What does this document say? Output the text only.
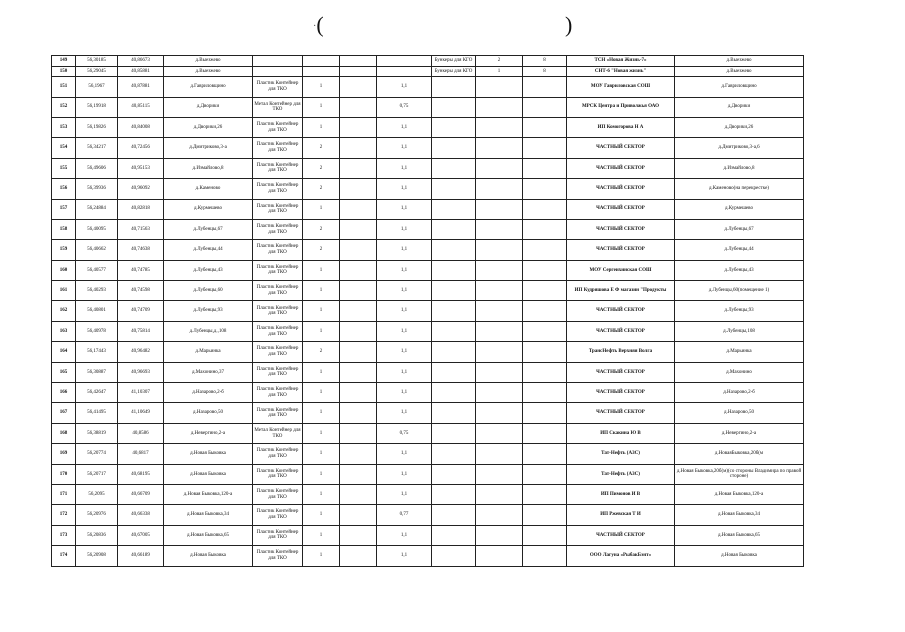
·(	)
149	56,30185	40,86673	д.Выезжево					Бункеры для КГО	2	8	ТСН «Новая Жизнь-7»	д.Выезжево
150	56,29045	40,85881	д.Выезжево					Бункеры для КГО	1	8	СНТ-6 "Новая жизнь"	д.Выезжево
151	56,1967	40,87881	д.Гавриловщино	Пластик Контейнер для ТКО	1		1,1				МОУ Гавриловская СОШ	д.Гавриловщино
152	56,19918	40,85115	д.Дворики	Метал Контейнер для ТКО	1		0,75				МРСК Центра и Приволжья ОАО	д.Дворики
153	56,19826	40,84008	д.Дворики,26	Пластик Контейнер для ТКО	1		1,1				ИП Комогорова Н А	д.Дворики,26
154	56,34217	40,72456	д.Дмитриково,3-а	Пластик Контейнер для ТКО	2		1,1				ЧАСТНЫЙ СЕКТОР	д.Дмитриково,3-а,6
155	56,49606	40,95153	д.Измайлово,8	Пластик Контейнер для ТКО	2		1,1				ЧАСТНЫЙ СЕКТОР	д.Измайлово,8
156	56,39936	40,96092	д.Каменово	Пластик Контейнер для ТКО	2		1,1				ЧАСТНЫЙ СЕКТОР	д.Каменово(на перекрестке)
157	56,24884	40,82818	д.Курмешево	Пластик Контейнер для ТКО	1		1,1				ЧАСТНЫЙ СЕКТОР	д.Курмешево
158	56,40095	40,71563	д.Лубенцы,67	Пластик Контейнер для ТКО	2		1,1				ЧАСТНЫЙ СЕКТОР	д.Лубенцы,67
159	56,40662	40,74638	д.Лубенцы,44	Пластик Контейнер для ТКО	2		1,1				ЧАСТНЫЙ СЕКТОР	д.Лубенцы,44
160	56,40577	40,74785	д.Лубенцы,43	Пластик Контейнер для ТКО	1		1,1				МОУ Сергеихинская СОШ	д.Лубенцы,43
161	56,40293	40,74598	д.Лубенцы,60	Пластик Контейнер для ТКО	1		1,1				ИП Кудряшова Е Ф магазин "Продукты	д.Лубенцы,60(помещение 1)
162	56,40801	40,74709	д.Лубенцы,93	Пластик Контейнер для ТКО	1		1,1				ЧАСТНЫЙ СЕКТОР	д.Лубенцы,93
163	56,40978	40,75814	д.Лубенцы,д.,108	Пластик Контейнер для ТКО	1		1,1				ЧАСТНЫЙ СЕКТОР	д.Лубенцы,108
164	56,17443	40,96482	д.Марьинка	Пластик Контейнер для ТКО	2		1,1				ТрансНефть Верхняя Волга	д.Марьинка
165	56,30887	40,96693	д.Махонино,37	Пластик Контейнер для ТКО	1		1,1				ЧАСТНЫЙ СЕКТОР	д.Махонино
166	56,42647	41,10307	д.Назарово,2-б	Пластик Контейнер для ТКО	1		1,1				ЧАСТНЫЙ СЕКТОР	д.Назарово,2-б
167	56,41495	41,10649	д.Назарово,50	Пластик Контейнер для ТКО	1		1,1				ЧАСТНЫЙ СЕКТОР	д.Назарово,50
168	56,38819	40,8586	д.Невеpгино,2-а	Метал Контейнер для ТКО	1		0,75				ИП Скакина Ю В	д.Невеpгино,2-а
169	56,20774	40,6817	д.Новая Быковка	Пластик Контейнер для ТКО	1		1,1				Тат-Нефть (АЗС)	д.НоваяБыковка,20б(м
170	56,20717	40,68195	д.Новая Быковка	Пластик Контейнер для ТКО	1		1,1				Тат-Нефть (АЗС)	д.Новая Быковка,20б(м)(со стороны Владимира по правой стороне)
171	56,2095	40,66709	д.Новая Быковка,120-а	Пластик Контейнер для ТКО	1		1,1				ИП Пимонов И В	д.Новая Быковка,120-а
172	56,20976	40,66338	д.Новая Быковка,34	Пластик Контейнер для ТКО	1		0,77				ИП Ржевская Т И	д.Новая Быковка,34
173	56,20836	40,67005	д.Новая Быковка,65	Пластик Контейнер для ТКО	1		1,1				ЧАСТНЫЙ СЕКТОР	д.Новая Быковка,65
174	56,20908	40,66189	д.Новая Быковка	Пластик Контейнер для ТКО	1		1,1				ООО Лагуна «РыбакБэнт»	д.Новая Быковка
